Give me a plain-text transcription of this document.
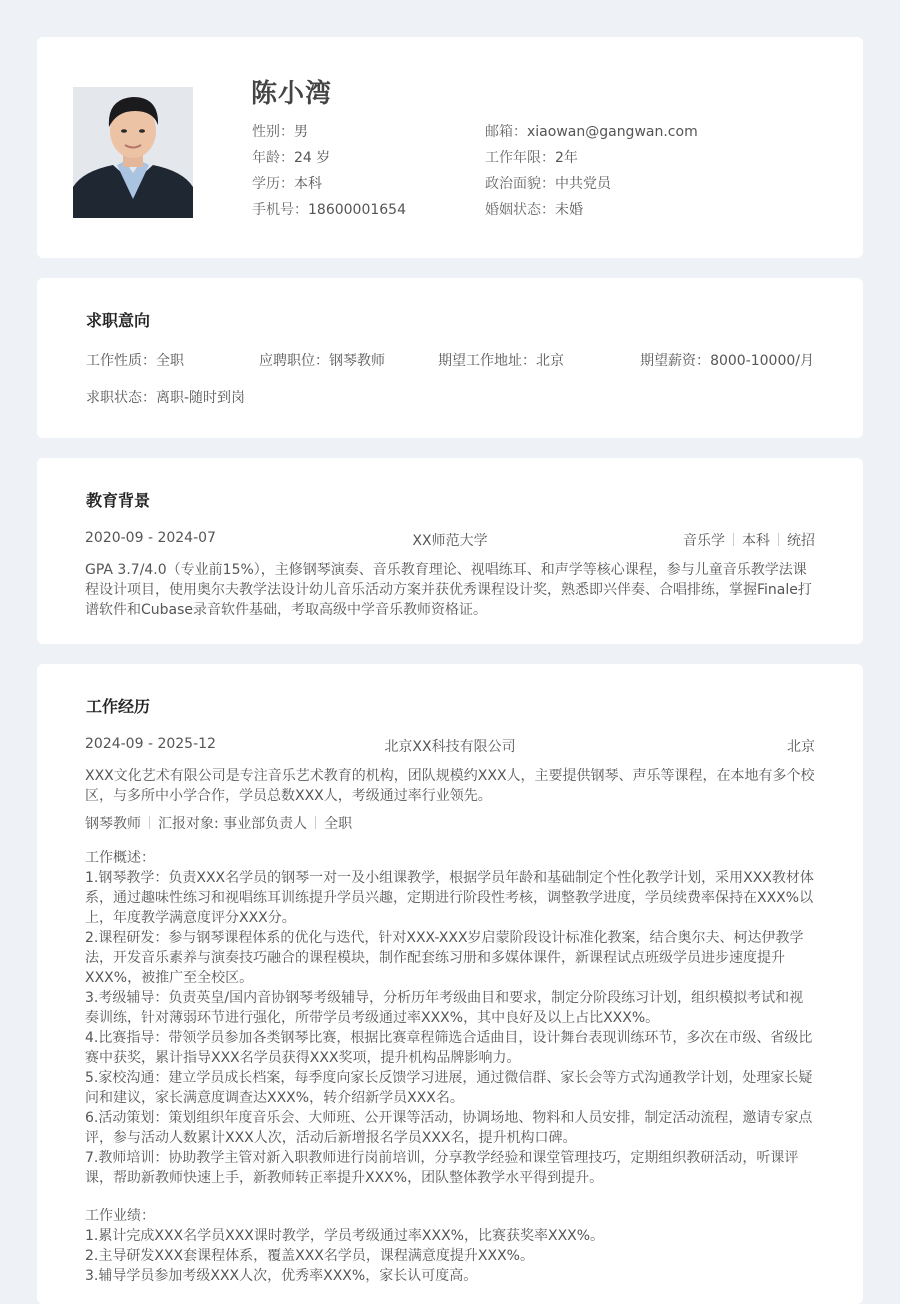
陈小湾
性别：男
年龄：24 岁
学历：本科
手机号：18600001654
邮箱：xiaowan@gangwan.com
工作年限：2年
政治面貌：中共党员
婚姻状态：未婚
求职意向
工作性质：全职	应聘职位：钢琴教师	期望工作地址：北京	期望薪资：8000-10000/月
求职状态：离职-随时到岗
教育背景
2020-09 - 2024-07	XX师范大学	音乐学 本科 统招
GPA 3.7/4.0（专业前15%），主修钢琴演奏、音乐教育理论、视唱练耳、和声学等核心课程，参与儿童音乐教学法课
程设计项目，使用奥尔夫教学法设计幼儿音乐活动方案并获优秀课程设计奖，熟悉即兴伴奏、合唱排练，掌握Finale打
谱软件和Cubase录音软件基础，考取高级中学音乐教师资格证。
工作经历
2024-09 - 2025-12	北京XX科技有限公司	北京
XXX文化艺术有限公司是专注音乐艺术教育的机构，团队规模约XXX人，主要提供钢琴、声乐等课程，在本地有多个校
区，与多所中小学合作，学员总数XXX人，考级通过率行业领先。
钢琴教师 汇报对象: 事业部负责人 全职
工作概述：
1.钢琴教学：负责XXX名学员的钢琴一对一及小组课教学，根据学员年龄和基础制定个性化教学计划，采用XXX教材体
系，通过趣味性练习和视唱练耳训练提升学员兴趣，定期进行阶段性考核，调整教学进度，学员续费率保持在XXX%以
上，年度教学满意度评分XXX分。
2.课程研发：参与钢琴课程体系的优化与迭代，针对XXX-XXX岁启蒙阶段设计标准化教案，结合奥尔夫、柯达伊教学
法，开发音乐素养与演奏技巧融合的课程模块，制作配套练习册和多媒体课件，新课程试点班级学员进步速度提升
XXX%，被推广至全校区。
3.考级辅导：负责英皇/国内音协钢琴考级辅导，分析历年考级曲目和要求，制定分阶段练习计划，组织模拟考试和视
奏训练，针对薄弱环节进行强化，所带学员考级通过率XXX%，其中良好及以上占比XXX%。
4.比赛指导：带领学员参加各类钢琴比赛，根据比赛章程筛选合适曲目，设计舞台表现训练环节，多次在市级、省级比
赛中获奖，累计指导XXX名学员获得XXX奖项，提升机构品牌影响力。
5.家校沟通：建立学员成长档案，每季度向家长反馈学习进展，通过微信群、家长会等方式沟通教学计划，处理家长疑
问和建议，家长满意度调查达XXX%，转介绍新学员XXX名。
6.活动策划：策划组织年度音乐会、大师班、公开课等活动，协调场地、物料和人员安排，制定活动流程，邀请专家点
评，参与活动人数累计XXX人次，活动后新增报名学员XXX名，提升机构口碑。
7.教师培训：协助教学主管对新入职教师进行岗前培训，分享教学经验和课堂管理技巧，定期组织教研活动，听课评
课，帮助新教师快速上手，新教师转正率提升XXX%，团队整体教学水平得到提升。
工作业绩：
1.累计完成XXX名学员XXX课时教学，学员考级通过率XXX%，比赛获奖率XXX%。
2.主导研发XXX套课程体系，覆盖XXX名学员，课程满意度提升XXX%。
3.辅导学员参加考级XXX人次，优秀率XXX%，家长认可度高。
